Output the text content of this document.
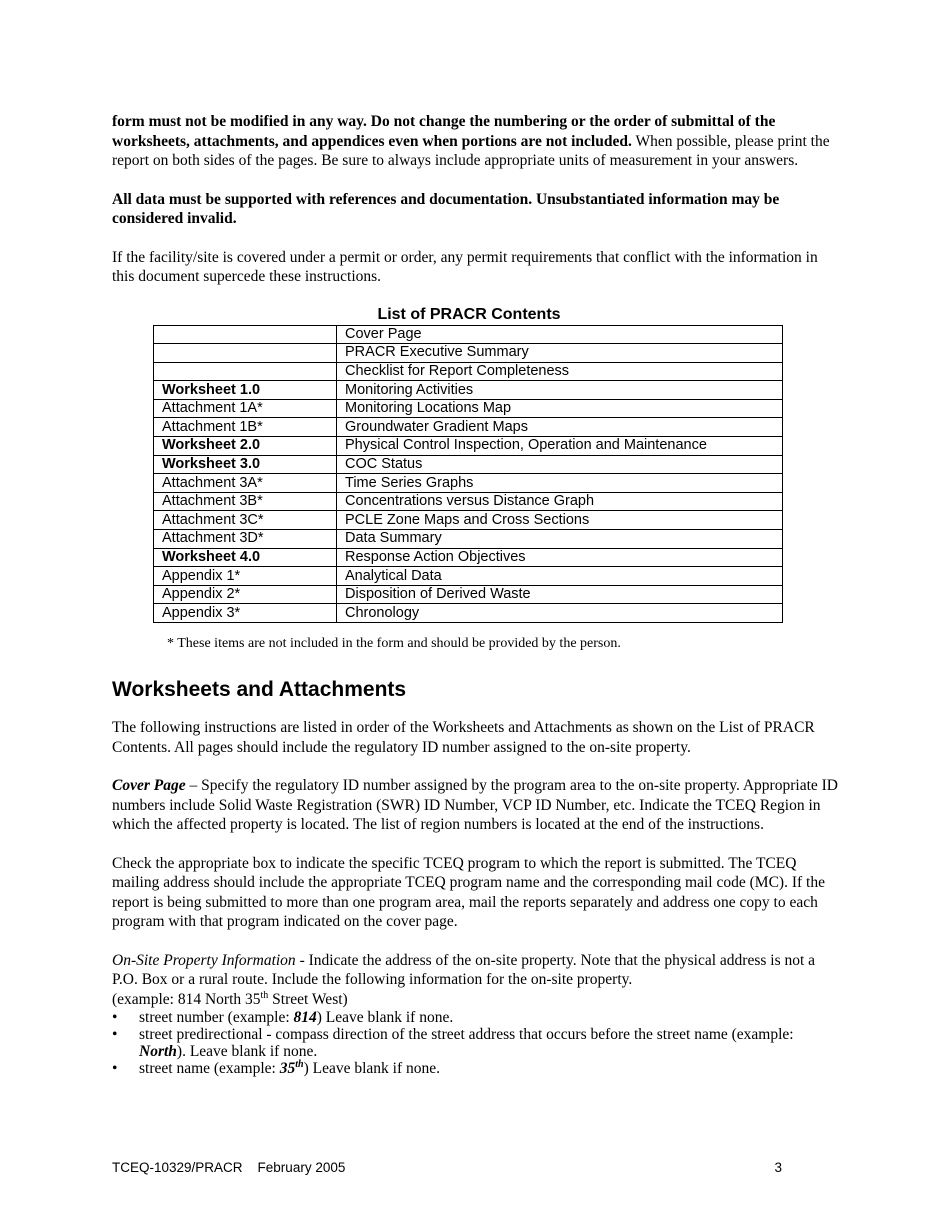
form must not be modified in any way. Do not change the numbering or the order of submittal of the worksheets, attachments, and appendices even when portions are not included. When possible, please print the report on both sides of the pages. Be sure to always include appropriate units of measurement in your answers.

All data must be supported with references and documentation. Unsubstantiated information may be considered invalid.

If the facility/site is covered under a permit or order, any permit requirements that conflict with the information in this document supercede these instructions.

List of PRACR Contents
	Cover Page
	PRACR Executive Summary
	Checklist for Report Completeness
Worksheet 1.0	Monitoring Activities
Attachment 1A*	Monitoring Locations Map
Attachment 1B*	Groundwater Gradient Maps
Worksheet 2.0	Physical Control Inspection, Operation and Maintenance
Worksheet 3.0	COC Status
Attachment 3A*	Time Series Graphs
Attachment 3B*	Concentrations versus Distance Graph
Attachment 3C*	PCLE Zone Maps and Cross Sections
Attachment 3D*	Data Summary
Worksheet 4.0	Response Action Objectives
Appendix 1*	Analytical Data
Appendix 2*	Disposition of Derived Waste
Appendix 3*	Chronology
* These items are not included in the form and should be provided by the person.
Worksheets and Attachments

The following instructions are listed in order of the Worksheets and Attachments as shown on the List of PRACR Contents. All pages should include the regulatory ID number assigned to the on-site property.

Cover Page – Specify the regulatory ID number assigned by the program area to the on-site property. Appropriate ID numbers include Solid Waste Registration (SWR) ID Number, VCP ID Number, etc. Indicate the TCEQ Region in which the affected property is located. The list of region numbers is located at the end of the instructions.

Check the appropriate box to indicate the specific TCEQ program to which the report is submitted. The TCEQ mailing address should include the appropriate TCEQ program name and the corresponding mail code (MC). If the report is being submitted to more than one program area, mail the reports separately and address one copy to each program with that program indicated on the cover page.

On-Site Property Information - Indicate the address of the on-site property. Note that the physical address is not a P.O. Box or a rural route. Include the following information for the on-site property.
(example: 814 North 35th Street West)
• street number (example: 814) Leave blank if none.
• street predirectional - compass direction of the street address that occurs before the street name (example: North). Leave blank if none.
• street name (example: 35th) Leave blank if none.
TCEQ-10329/PRACR    February 2005	3
